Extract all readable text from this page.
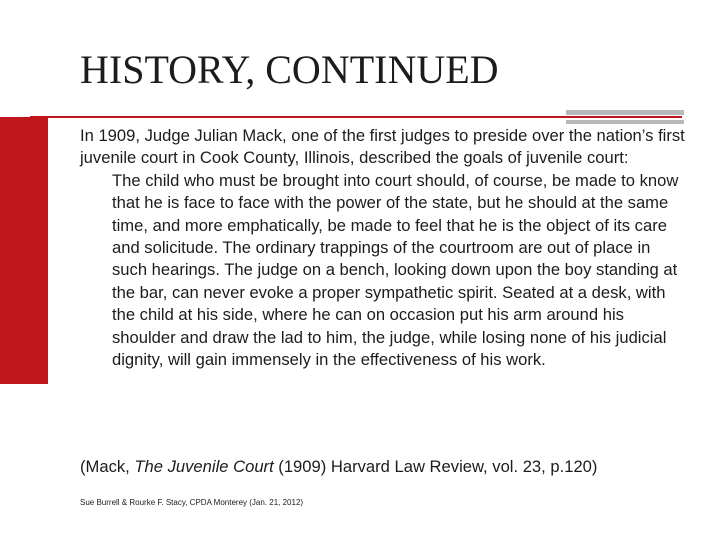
HISTORY, CONTINUED

In 1909, Judge Julian Mack, one of the first judges to preside over the nation’s first juvenile court in Cook County, Illinois, described the goals of juvenile court:

The child who must be brought into court should, of course, be made to know that he is face to face with the power of the state, but he should at the same time, and more emphatically, be made to feel that he is the object of its care and solicitude. The ordinary trappings of the courtroom are out of place in such hearings. The judge on a bench, looking down upon the boy standing at the bar, can never evoke a proper sympathetic spirit. Seated at a desk, with the child at his side, where he can on occasion put his arm around his shoulder and draw the lad to him, the judge, while losing none of his judicial dignity, will gain immensely in the effectiveness of his work.

(Mack, The Juvenile Court (1909) Harvard Law Review, vol. 23, p.120)

Sue Burrell & Rourke F. Stacy, CPDA Monterey (Jan. 21, 2012)
